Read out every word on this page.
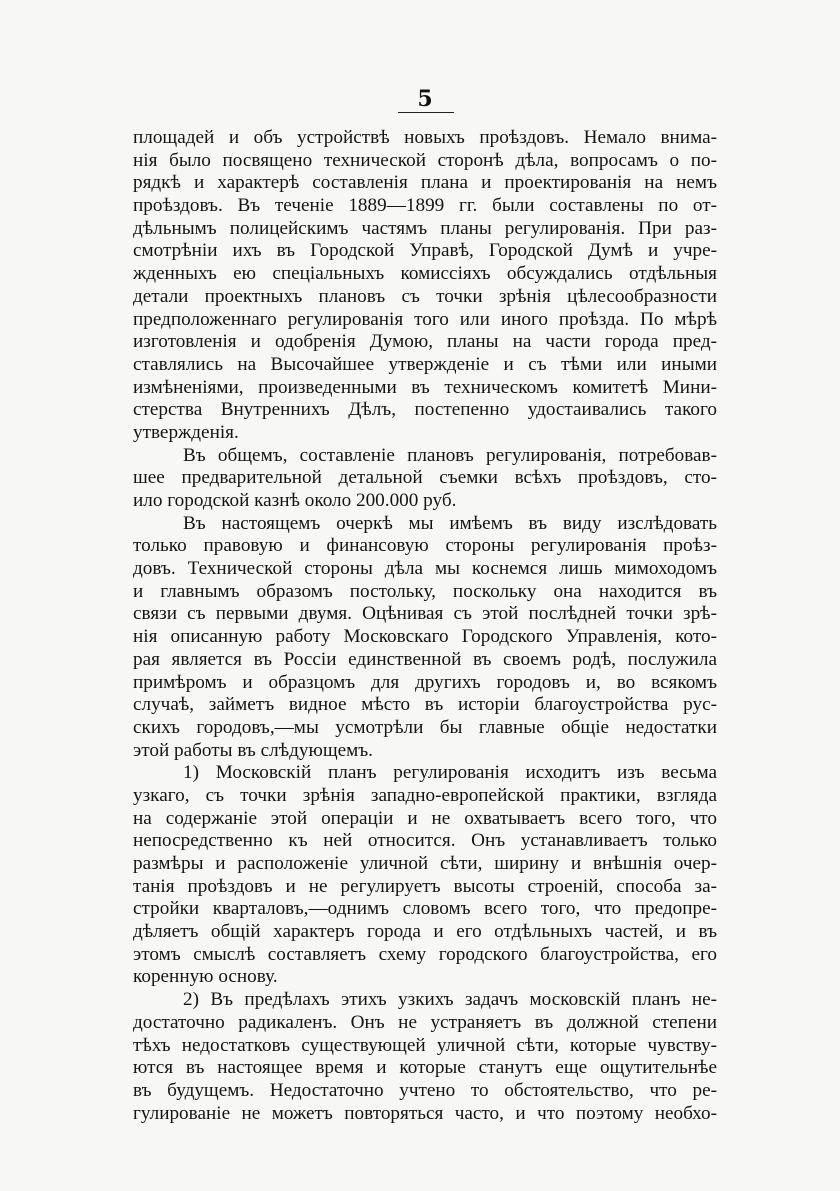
5
площадей и объ устройствѣ новыхъ проѣздовъ. Немало внима-
нія было посвящено технической сторонѣ дѣла, вопросамъ о по-
рядкѣ и характерѣ составленія плана и проектированія на немъ
проѣздовъ. Въ теченіе 1889—1899 гг. были составлены по от-
дѣльнымъ полицейскимъ частямъ планы регулированія. При раз-
смотрѣніи ихъ въ Городской Управѣ, Городской Думѣ и учре-
жденныхъ ею спеціальныхъ комиссіяхъ обсуждались отдѣльныя
детали проектныхъ плановъ съ точки зрѣнія цѣлесообразности
предположеннаго регулированія того или иного проѣзда. По мѣрѣ
изготовленія и одобренія Думою, планы на части города пред-
ставлялись на Высочайшее утвержденіе и съ тѣми или иными
измѣненіями, произведенными въ техническомъ комитетѣ Мини-
стерства Внутреннихъ Дѣлъ, постепенно удостаивались такого
утвержденія.
Въ общемъ, составленіе плановъ регулированія, потребовав-
шее предварительной детальной съемки всѣхъ проѣздовъ, сто-
ило городской казнѣ около 200.000 руб.
Въ настоящемъ очеркѣ мы имѣемъ въ виду изслѣдовать
только правовую и финансовую стороны регулированія проѣз-
довъ. Технической стороны дѣла мы коснемся лишь мимоходомъ
и главнымъ образомъ постольку, поскольку она находится въ
связи съ первыми двумя. Оцѣнивая съ этой послѣдней точки зрѣ-
нія описанную работу Московскаго Городского Управленія, кото-
рая является въ Россіи единственной въ своемъ родѣ, послужила
примѣромъ и образцомъ для другихъ городовъ и, во всякомъ
случаѣ, займетъ видное мѣсто въ исторіи благоустройства рус-
скихъ городовъ,—мы усмотрѣли бы главные общіе недостатки
этой работы въ слѣдующемъ.
1) Московскій планъ регулированія исходитъ изъ весьма
узкаго, съ точки зрѣнія западно-европейской практики, взгляда
на содержаніе этой операціи и не охватываетъ всего того, что
непосредственно къ ней относится. Онъ устанавливаетъ только
размѣры и расположеніе уличной сѣти, ширину и внѣшнія очер-
танія проѣздовъ и не регулируетъ высоты строеній, способа за-
стройки кварталовъ,—однимъ словомъ всего того, что предопре-
дѣляетъ общій характеръ города и его отдѣльныхъ частей, и въ
этомъ смыслѣ составляетъ схему городского благоустройства, его
коренную основу.
2) Въ предѣлахъ этихъ узкихъ задачъ московскій планъ не-
достаточно радикаленъ. Онъ не устраняетъ въ должной степени
тѣхъ недостатковъ существующей уличной сѣти, которые чувству-
ются въ настоящее время и которые станутъ еще ощутительнѣе
въ будущемъ. Недостаточно учтено то обстоятельство, что ре-
гулированіе не можетъ повторяться часто, и что поэтому необхо-
